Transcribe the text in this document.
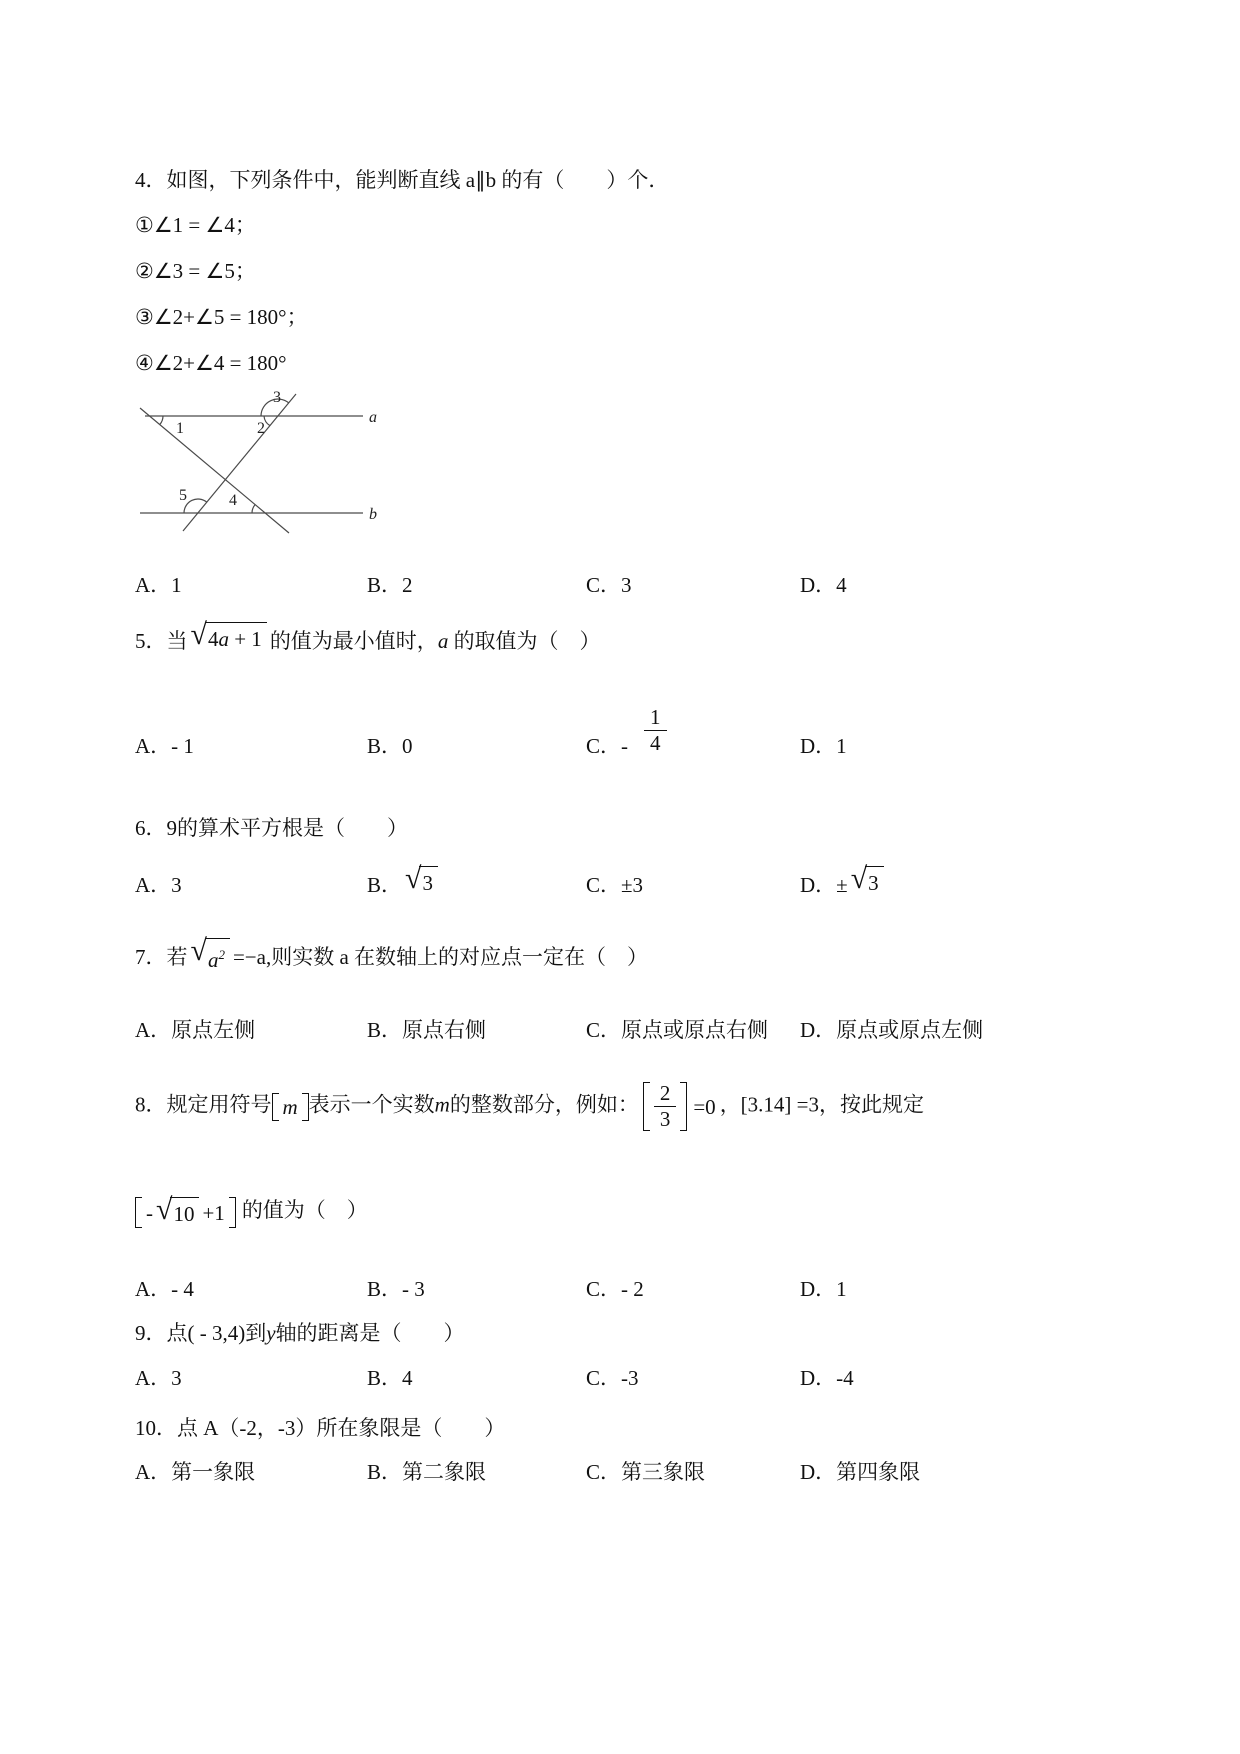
4．如图，下列条件中，能判断直线 a∥b 的有（　　）个．
①∠1 = ∠4；
②∠3 = ∠5；
③∠2+∠5 = 180°；
④∠2+∠4 = 180°
1	2
3
4
5
a
b
A．1	B．2	C．3	D．4
5．当 √ 4a + 1 的值为最小值时，a 的取值为（　）
A．- 1	B．0	C．- $\frac{1}{4}$	D．1
6．9的算术平方根是（　　）
A．3	B． √ 3	C．±3	D．± √ 3
7．若 √ $a^2 =-a$,则实数 a 在数轴上的对应点一定在（　）
A．原点左侧	B．原点右侧	C．原点或原点右侧 D．原点或原点左侧
8．规定用符号 m 表示一个实数m的整数部分，例如： $\frac{2}{3} =0$ ，[3.14] =3，按此规定
- √ 10 +1 的值为（　）
A．- 4	B．- 3	C．- 2	D．1
9．点( - 3,4)到y轴的距离是（　　）
A．3	B．4	C．-3	D．-4
10．点 A（-2，-3）所在象限是（　　）
A．第一象限	B．第二象限	C．第三象限	D．第四象限
